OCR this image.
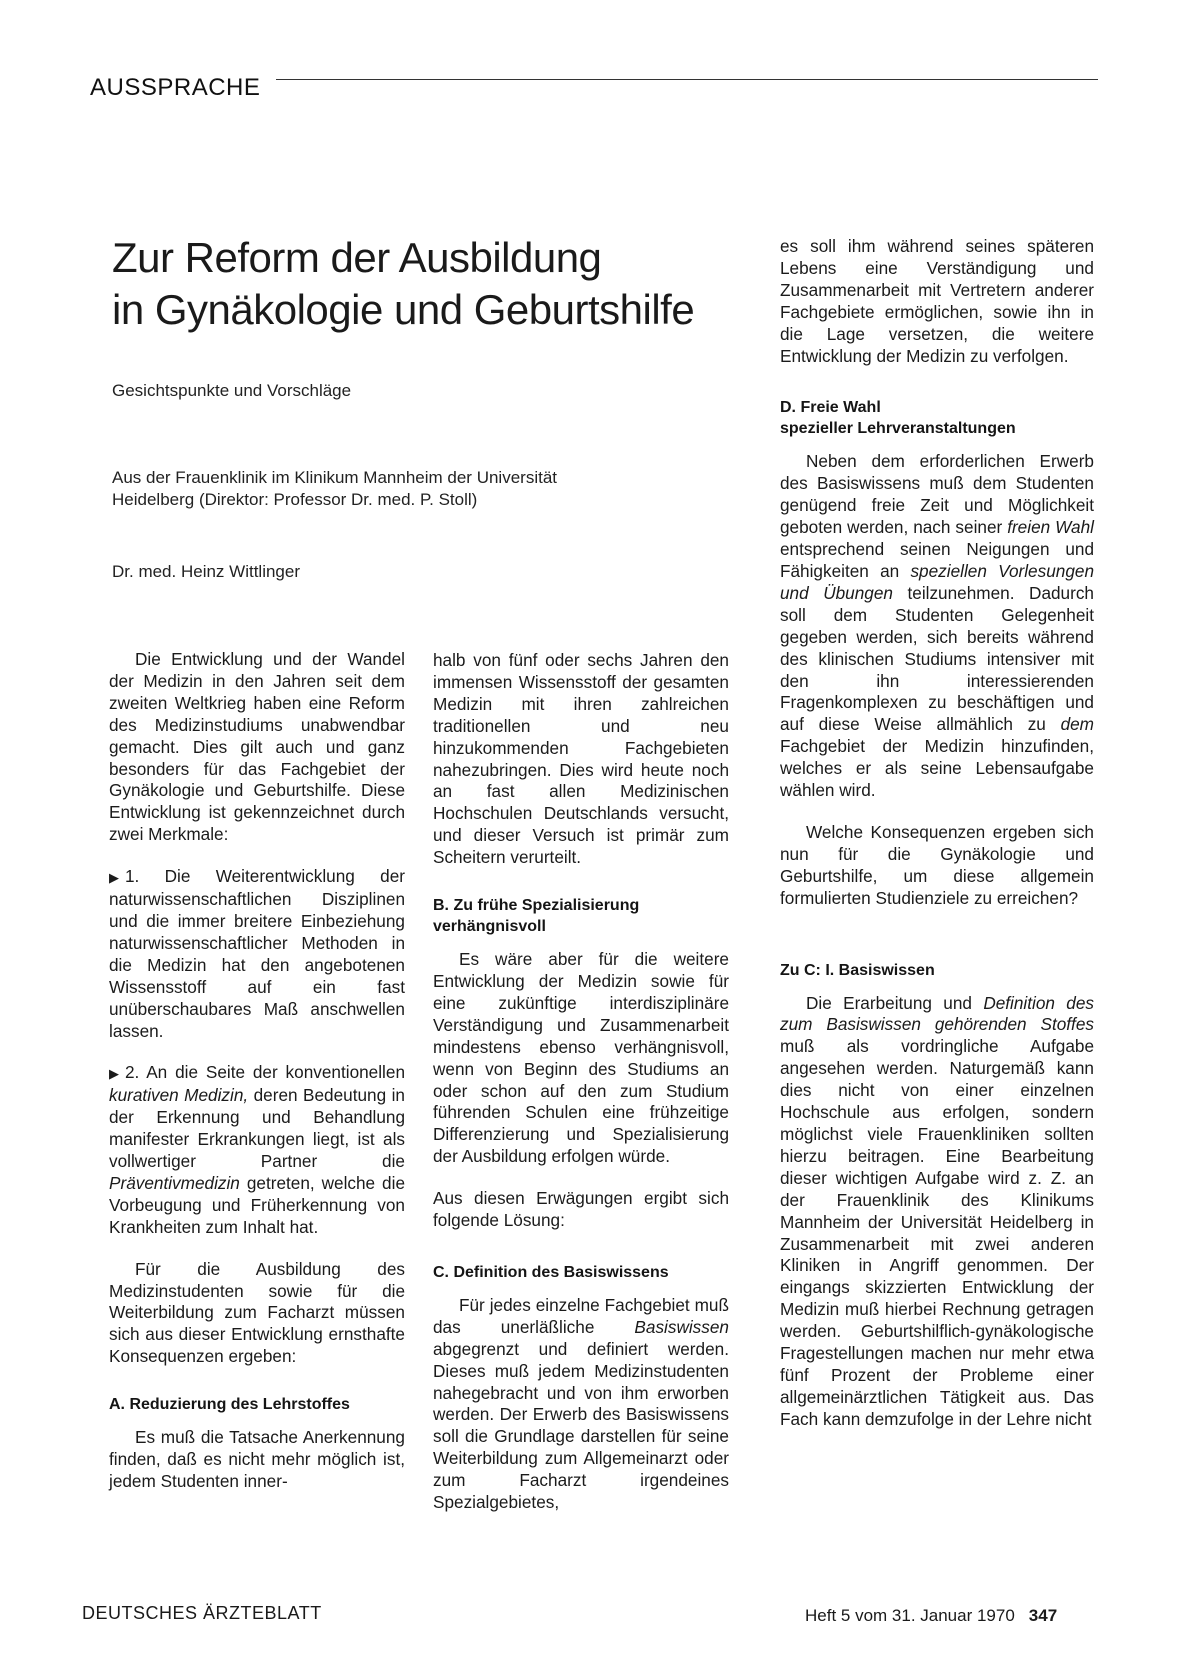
AUSSPRACHE
Zur Reform der Ausbildung
in Gynäkologie und Geburtshilfe
Gesichtspunkte und Vorschläge
Aus der Frauenklinik im Klinikum Mannheim der Universität
Heidelberg (Direktor: Professor Dr. med. P. Stoll)
Dr. med. Heinz Wittlinger

Die Entwicklung und der Wandel der Medizin in den Jahren seit dem zweiten Weltkrieg haben eine Reform des Medizinstudiums unabwendbar gemacht. Dies gilt auch und ganz besonders für das Fachgebiet der Gynäkologie und Geburtshilfe. Diese Entwicklung ist gekennzeichnet durch zwei Merkmale:

▶ 1. Die Weiterentwicklung der naturwissenschaftlichen Disziplinen und die immer breitere Einbeziehung naturwissenschaftlicher Methoden in die Medizin hat den angebotenen Wissensstoff auf ein fast unüberschaubares Maß anschwellen lassen.

▶ 2. An die Seite der konventionellen kurativen Medizin, deren Bedeutung in der Erkennung und Behandlung manifester Erkrankungen liegt, ist als vollwertiger Partner die Präventivmedizin getreten, welche die Vorbeugung und Früherkennung von Krankheiten zum Inhalt hat.

Für die Ausbildung des Medizinstudenten sowie für die Weiterbildung zum Facharzt müssen sich aus dieser Entwicklung ernsthafte Konsequenzen ergeben:

A. Reduzierung des Lehrstoffes

Es muß die Tatsache Anerkennung finden, daß es nicht mehr möglich ist, jedem Studenten inner-

halb von fünf oder sechs Jahren den immensen Wissensstoff der gesamten Medizin mit ihren zahlreichen traditionellen und neu hinzukommenden Fachgebieten nahezubringen. Dies wird heute noch an fast allen Medizinischen Hochschulen Deutschlands versucht, und dieser Versuch ist primär zum Scheitern verurteilt.

B. Zu frühe Spezialisierung
verhängnisvoll

Es wäre aber für die weitere Entwicklung der Medizin sowie für eine zukünftige interdisziplinäre Verständigung und Zusammenarbeit mindestens ebenso verhängnisvoll, wenn von Beginn des Studiums an oder schon auf den zum Studium führenden Schulen eine frühzeitige Differenzierung und Spezialisierung der Ausbildung erfolgen würde.

Aus diesen Erwägungen ergibt sich folgende Lösung:

C. Definition des Basiswissens

Für jedes einzelne Fachgebiet muß das unerläßliche Basiswissen abgegrenzt und definiert werden. Dieses muß jedem Medizinstudenten nahegebracht und von ihm erworben werden. Der Erwerb des Basiswissens soll die Grundlage darstellen für seine Weiterbildung zum Allgemeinarzt oder zum Facharzt irgendeines Spezialgebietes,

es soll ihm während seines späteren Lebens eine Verständigung und Zusammenarbeit mit Vertretern anderer Fachgebiete ermöglichen, sowie ihn in die Lage versetzen, die weitere Entwicklung der Medizin zu verfolgen.

D. Freie Wahl
spezieller Lehrveranstaltungen

Neben dem erforderlichen Erwerb des Basiswissens muß dem Studenten genügend freie Zeit und Möglichkeit geboten werden, nach seiner freien Wahl entsprechend seinen Neigungen und Fähigkeiten an speziellen Vorlesungen und Übungen teilzunehmen. Dadurch soll dem Studenten Gelegenheit gegeben werden, sich bereits während des klinischen Studiums intensiver mit den ihn interessierenden Fragenkomplexen zu beschäftigen und auf diese Weise allmählich zu dem Fachgebiet der Medizin hinzufinden, welches er als seine Lebensaufgabe wählen wird.

Welche Konsequenzen ergeben sich nun für die Gynäkologie und Geburtshilfe, um diese allgemein formulierten Studienziele zu erreichen?

Zu C: I. Basiswissen

Die Erarbeitung und Definition des zum Basiswissen gehörenden Stoffes muß als vordringliche Aufgabe angesehen werden. Naturgemäß kann dies nicht von einer einzelnen Hochschule aus erfolgen, sondern möglichst viele Frauenkliniken sollten hierzu beitragen. Eine Bearbeitung dieser wichtigen Aufgabe wird z. Z. an der Frauenklinik des Klinikums Mannheim der Universität Heidelberg in Zusammenarbeit mit zwei anderen Kliniken in Angriff genommen. Der eingangs skizzierten Entwicklung der Medizin muß hierbei Rechnung getragen werden. Geburtshilflich-gynäkologische Fragestellungen machen nur mehr etwa fünf Prozent der Probleme einer allgemeinärztlichen Tätigkeit aus. Das Fach kann demzufolge in der Lehre nicht

DEUTSCHES ÄRZTEBLATT	Heft 5 vom 31. Januar 1970 347
